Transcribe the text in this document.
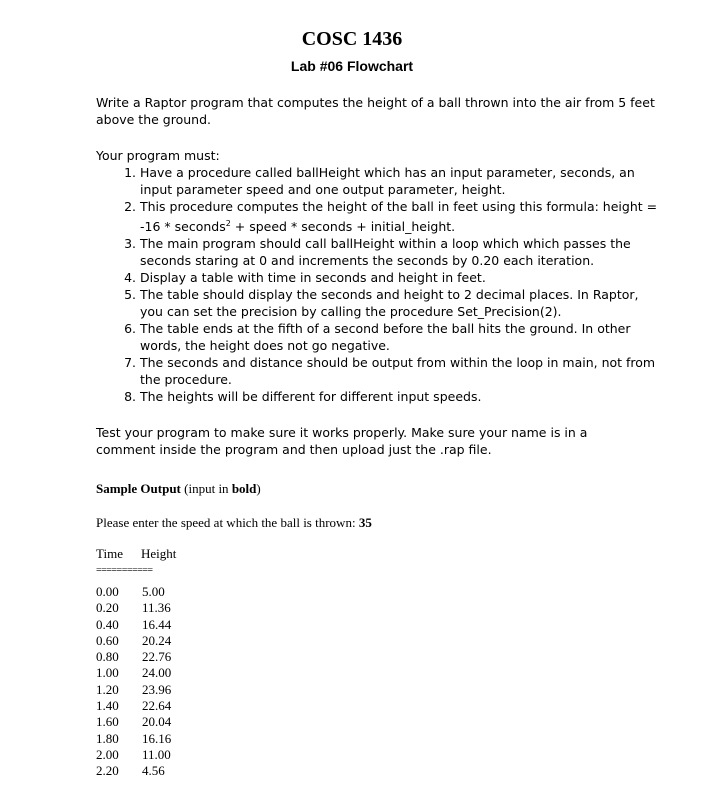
COSC 1436
Lab #06 Flowchart
Write a Raptor program that computes the height of a ball thrown into the air from 5 feet above the ground.
Your program must:
1. Have a procedure called ballHeight which has an input parameter, seconds, an input parameter speed and one output parameter, height.
2. This procedure computes the height of the ball in feet using this formula: height = -16 * seconds$^2$ + speed * seconds + initial_height.
3. The main program should call ballHeight within a loop which which passes the seconds staring at 0 and increments the seconds by 0.20 each iteration.
4. Display a table with time in seconds and height in feet.
5. The table should display the seconds and height to 2 decimal places. In Raptor, you can set the precision by calling the procedure Set_Precision(2).
6. The table ends at the fifth of a second before the ball hits the ground. In other words, the height does not go negative.
7. The seconds and distance should be output from within the loop in main, not from the procedure.
8. The heights will be different for different input speeds.
Test your program to make sure it works properly. Make sure your name is in a comment inside the program and then upload just the .rap file.
Sample Output (input in bold)
Please enter the speed at which the ball is thrown: 35
Time Height
===========
0.00 5.00
0.20 11.36
0.40 16.44
0.60 20.24
0.80 22.76
1.00 24.00
1.20 23.96
1.40 22.64
1.60 20.04
1.80 16.16
2.00 11.00
2.20 4.56
